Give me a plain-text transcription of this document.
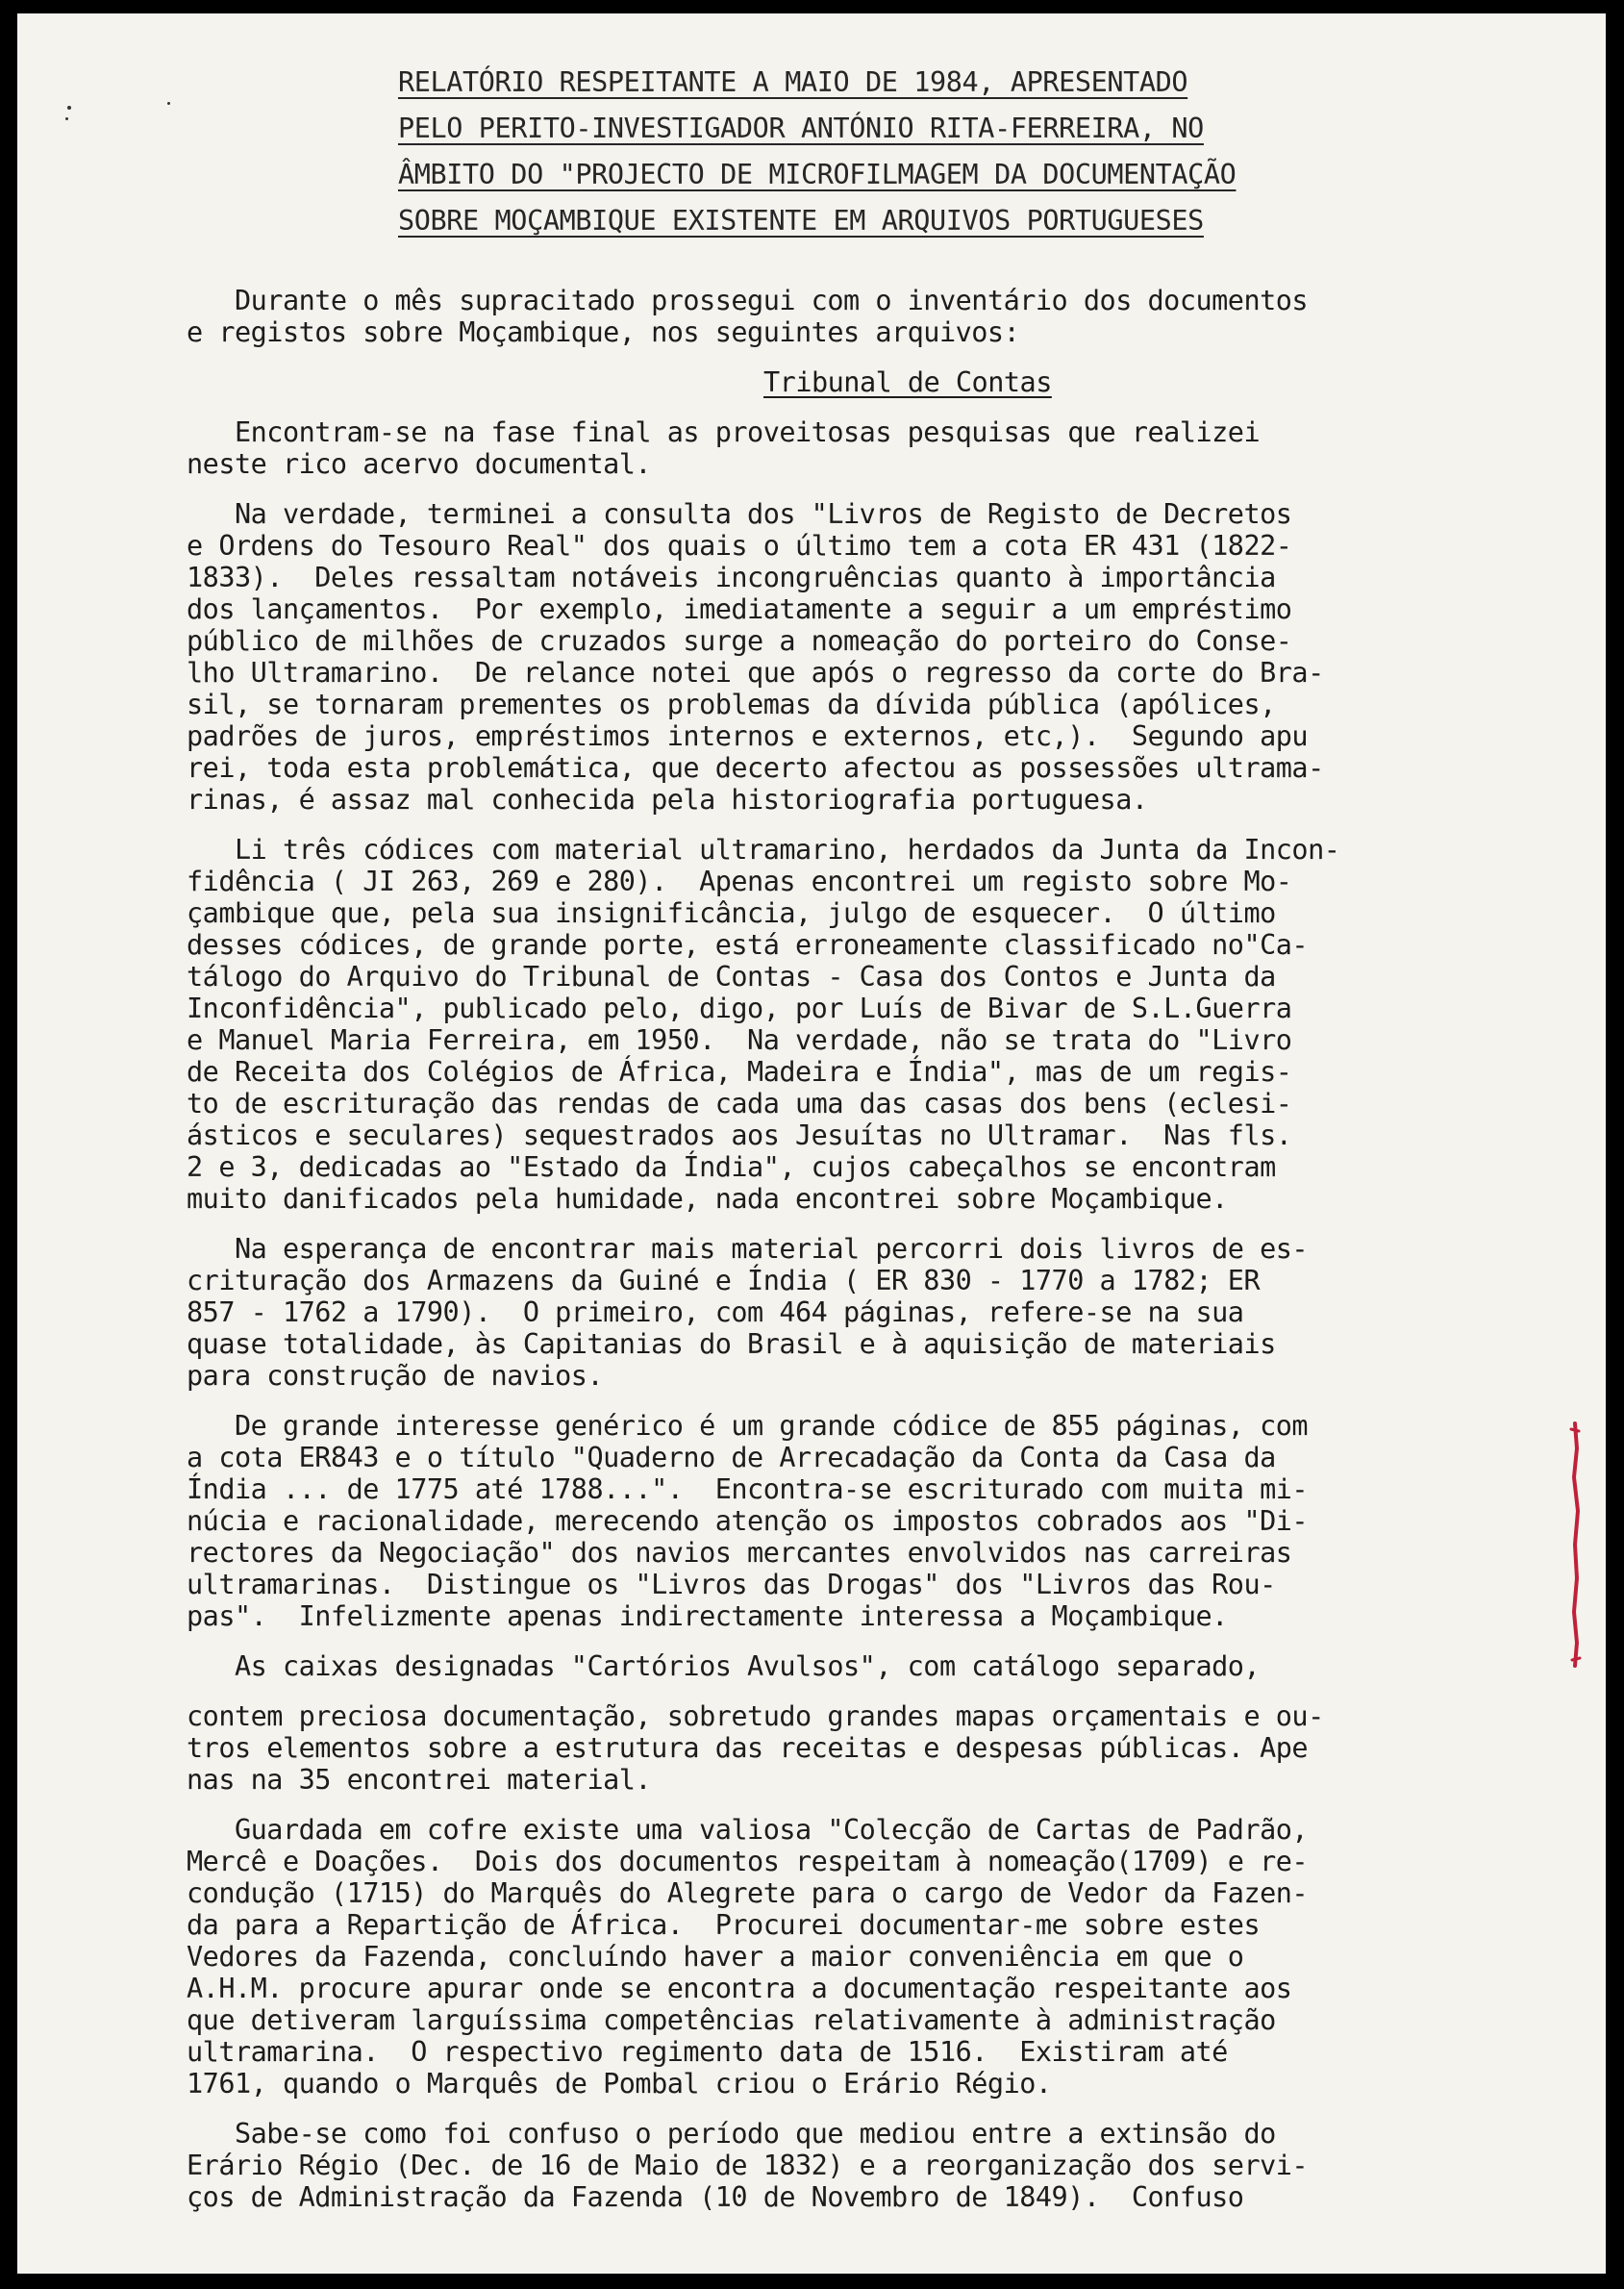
RELATÓRIO RESPEITANTE A MAIO DE 1984, APRESENTADO
PELO PERITO-INVESTIGADOR ANTÓNIO RITA-FERREIRA, NO
ÂMBITO DO "PROJECTO DE MICROFILMAGEM DA DOCUMENTAÇÃO
SOBRE MOÇAMBIQUE EXISTENTE EM ARQUIVOS PORTUGUESES
Durante o mês supracitado prossegui com o inventário dos documentos
e registos sobre Moçambique, nos seguintes arquivos:
Tribunal de Contas
Encontram-se na fase final as proveitosas pesquisas que realizei
neste rico acervo documental.
Na verdade, terminei a consulta dos "Livros de Registo de Decretos
e Ordens do Tesouro Real" dos quais o último tem a cota ER 431 (1822-
1833).  Deles ressaltam notáveis incongruências quanto à importância
dos lançamentos.  Por exemplo, imediatamente a seguir a um empréstimo
público de milhões de cruzados surge a nomeação do porteiro do Conse-
lho Ultramarino.  De relance notei que após o regresso da corte do Bra-
sil, se tornaram prementes os problemas da dívida pública (apólices,
padrões de juros, empréstimos internos e externos, etc,).  Segundo apu
rei, toda esta problemática, que decerto afectou as possessões ultrama-
rinas, é assaz mal conhecida pela historiografia portuguesa.
Li três códices com material ultramarino, herdados da Junta da Incon-
fidência ( JI 263, 269 e 280).  Apenas encontrei um registo sobre Mo-
çambique que, pela sua insignificância, julgo de esquecer.  O último
desses códices, de grande porte, está erroneamente classificado no"Ca-
tálogo do Arquivo do Tribunal de Contas - Casa dos Contos e Junta da
Inconfidência", publicado pelo, digo, por Luís de Bivar de S.L.Guerra
e Manuel Maria Ferreira, em 1950.  Na verdade, não se trata do "Livro
de Receita dos Colégios de África, Madeira e Índia", mas de um regis-
to de escrituração das rendas de cada uma das casas dos bens (eclesi-
ásticos e seculares) sequestrados aos Jesuítas no Ultramar.  Nas fls.
2 e 3, dedicadas ao "Estado da Índia", cujos cabeçalhos se encontram
muito danificados pela humidade, nada encontrei sobre Moçambique.
Na esperança de encontrar mais material percorri dois livros de es-
crituração dos Armazens da Guiné e Índia ( ER 830 - 1770 a 1782; ER
857 - 1762 a 1790).  O primeiro, com 464 páginas, refere-se na sua
quase totalidade, às Capitanias do Brasil e à aquisição de materiais
para construção de navios.
De grande interesse genérico é um grande códice de 855 páginas, com
a cota ER843 e o título "Quaderno de Arrecadação da Conta da Casa da
Índia ... de 1775 até 1788...".  Encontra-se escriturado com muita mi-
núcia e racionalidade, merecendo atenção os impostos cobrados aos "Di-
rectores da Negociação" dos navios mercantes envolvidos nas carreiras
ultramarinas.  Distingue os "Livros das Drogas" dos "Livros das Rou-
pas".  Infelizmente apenas indirectamente interessa a Moçambique.
As caixas designadas "Cartórios Avulsos", com catálogo separado,
contem preciosa documentação, sobretudo grandes mapas orçamentais e ou-
tros elementos sobre a estrutura das receitas e despesas públicas. Ape
nas na 35 encontrei material.
Guardada em cofre existe uma valiosa "Colecção de Cartas de Padrão,
Mercê e Doações.  Dois dos documentos respeitam à nomeação(1709) e re-
condução (1715) do Marquês do Alegrete para o cargo de Vedor da Fazen-
da para a Repartição de África.  Procurei documentar-me sobre estes
Vedores da Fazenda, concluíndo haver a maior conveniência em que o
A.H.M. procure apurar onde se encontra a documentação respeitante aos
que detiveram larguíssima competências relativamente à administração
ultramarina.  O respectivo regimento data de 1516.  Existiram até
1761, quando o Marquês de Pombal criou o Erário Régio.
Sabe-se como foi confuso o período que mediou entre a extinsão do
Erário Régio (Dec. de 16 de Maio de 1832) e a reorganização dos servi-
ços de Administração da Fazenda (10 de Novembro de 1849).  Confuso
